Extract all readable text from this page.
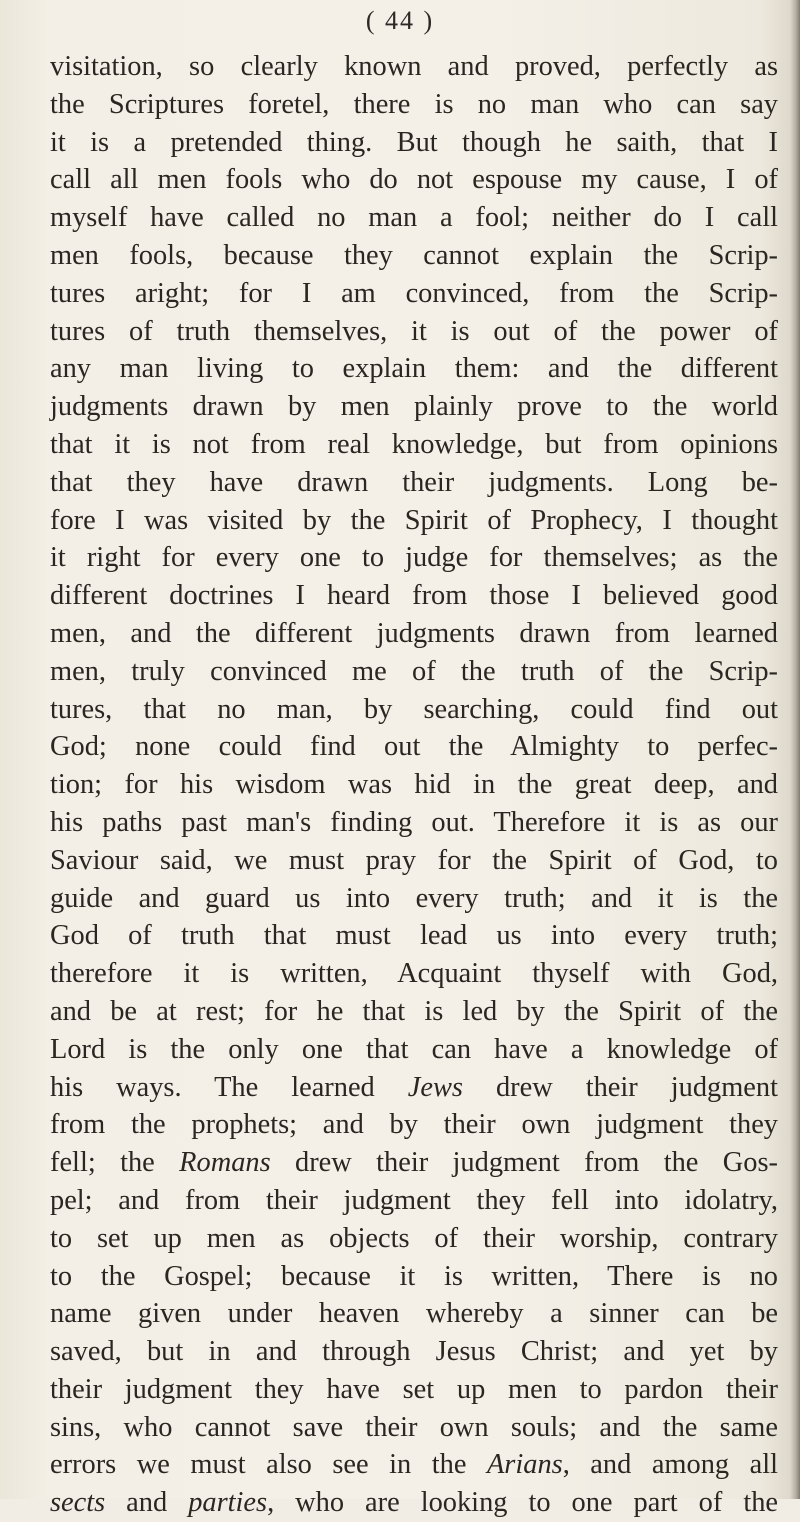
( 44 )
visitation, so clearly known and proved, perfectly as
the Scriptures foretel, there is no man who can say
it is a pretended thing. But though he saith, that I
call all men fools who do not espouse my cause, I of
myself have called no man a fool; neither do I call
men fools, because they cannot explain the Scrip-
tures aright; for I am convinced, from the Scrip-
tures of truth themselves, it is out of the power of
any man living to explain them: and the different
judgments drawn by men plainly prove to the world
that it is not from real knowledge, but from opinions
that they have drawn their judgments. Long be-
fore I was visited by the Spirit of Prophecy, I thought
it right for every one to judge for themselves; as the
different doctrines I heard from those I believed good
men, and the different judgments drawn from learned
men, truly convinced me of the truth of the Scrip-
tures, that no man, by searching, could find out
God; none could find out the Almighty to perfec-
tion; for his wisdom was hid in the great deep, and
his paths past man's finding out. Therefore it is as our
Saviour said, we must pray for the Spirit of God, to
guide and guard us into every truth; and it is the
God of truth that must lead us into every truth;
therefore it is written, Acquaint thyself with God,
and be at rest; for he that is led by the Spirit of the
Lord is the only one that can have a knowledge of
his ways. The learned Jews drew their judgment
from the prophets; and by their own judgment they
fell; the Romans drew their judgment from the Gos-
pel; and from their judgment they fell into idolatry,
to set up men as objects of their worship, contrary
to the Gospel; because it is written, There is no
name given under heaven whereby a sinner can be
saved, but in and through Jesus Christ; and yet by
their judgment they have set up men to pardon their
sins, who cannot save their own souls; and the same
errors we must also see in the Arians, and among all
sects and parties, who are looking to one part of the
